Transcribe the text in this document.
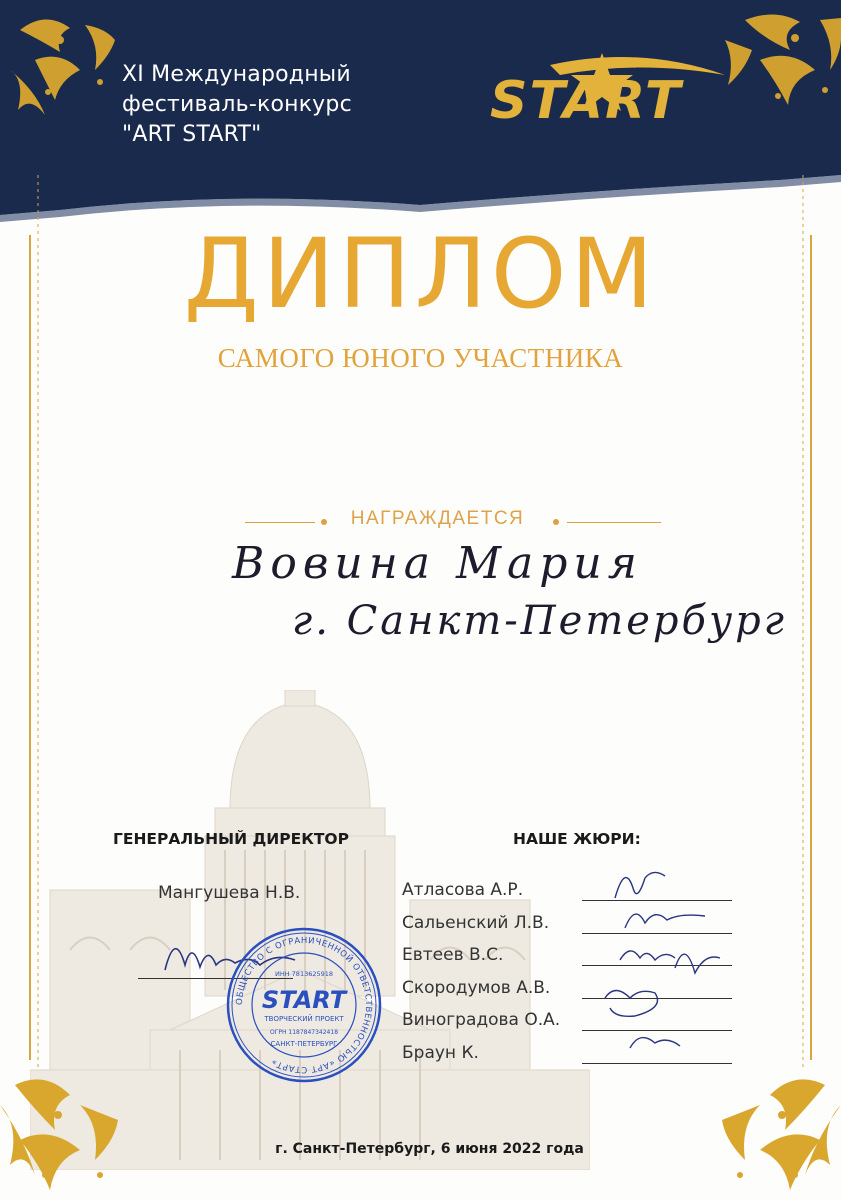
XI Международный
фестиваль-конкурс
"ART START"
START
ДИПЛОМ
САМОГО ЮНОГО УЧАСТНИКА
НАГРАЖДАЕТСЯ
Вовина Мария
г. Санкт-Петербург
ГЕНЕРАЛЬНЫЙ ДИРЕКТОР
Мангушева Н.В.
ОБЩЕСТВО С ОГРАНИЧЕННОЙ ОТВЕТСТВЕННОСТЬЮ «АРТ СТАРТ»
ИНН 7813625918
START
ТВОРЧЕСКИЙ ПРОЕКТ
ОГРН 1187847342418
САНКТ-ПЕТЕРБУРГ
НАШЕ ЖЮРИ:
Атласова А.Р.
Сальенский Л.В.
Евтеев В.С.
Скородумов А.В.
Виноградова О.А.
Браун К.
г. Санкт-Петербург, 6 июня 2022 года
